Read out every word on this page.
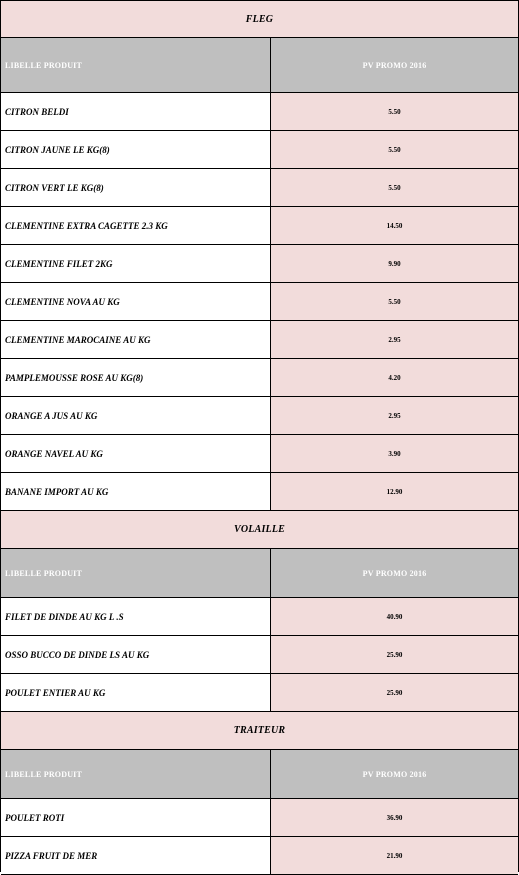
FLEG
LIBELLE PRODUIT	PV PROMO 2016
CITRON BELDI	5.50
CITRON JAUNE LE KG(8)	5.50
CITRON VERT LE KG(8)	5.50
CLEMENTINE EXTRA CAGETTE 2.3 KG	14.50
CLEMENTINE FILET 2KG	9.90
CLEMENTINE NOVA AU KG	5.50
CLEMENTINE MAROCAINE AU KG	2.95
PAMPLEMOUSSE ROSE AU KG(8)	4.20
ORANGE A JUS AU KG	2.95
ORANGE NAVEL AU KG	3.90
BANANE IMPORT AU KG	12.90
VOLAILLE
LIBELLE PRODUIT	PV PROMO 2016
FILET DE DINDE AU KG L .S	40.90
OSSO BUCCO DE DINDE LS AU KG	25.90
POULET ENTIER AU KG	25.90
TRAITEUR
LIBELLE PRODUIT	PV PROMO 2016
POULET ROTI	36.90
PIZZA FRUIT DE MER	21.90
